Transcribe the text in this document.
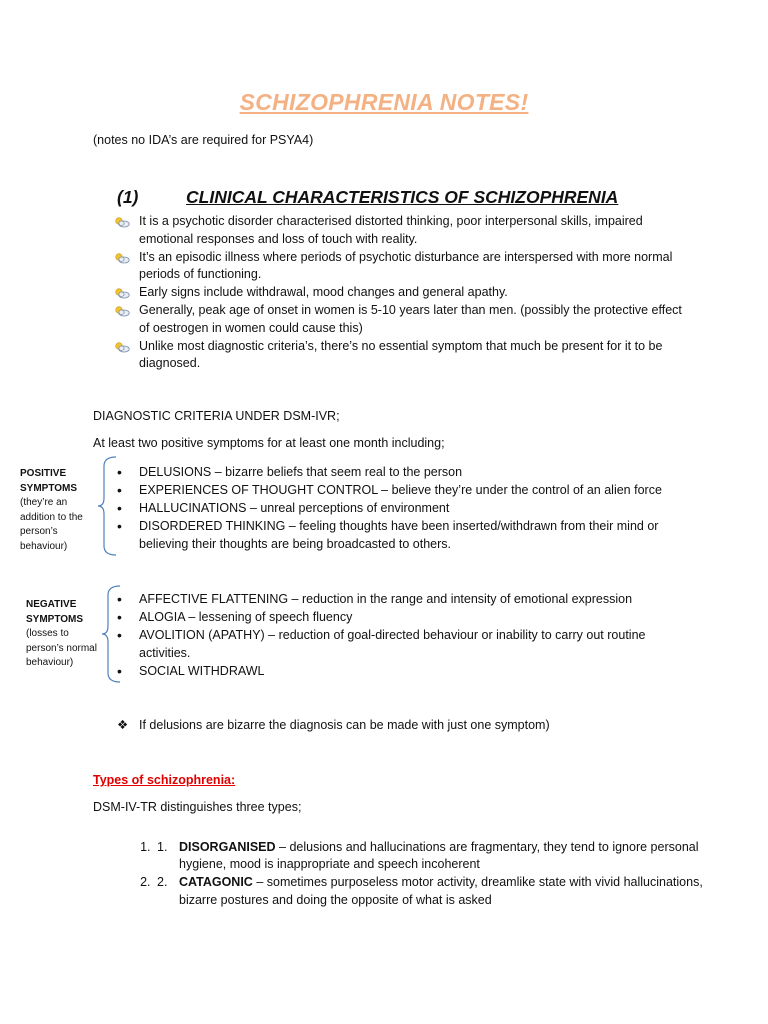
SCHIZOPHRENIA NOTES!
(notes no IDA’s are required for PSYA4)
(1)	CLINICAL CHARACTERISTICS OF SCHIZOPHRENIA
It is a psychotic disorder characterised distorted thinking, poor interpersonal skills, impaired emotional responses and loss of touch with reality.
It’s an episodic illness where periods of psychotic disturbance are interspersed with more normal periods of functioning.
Early signs include withdrawal, mood changes and general apathy.
Generally, peak age of onset in women is 5-10 years later than men. (possibly the protective effect of oestrogen in women could cause this)
Unlike most diagnostic criteria’s, there’s no essential symptom that much be present for it to be diagnosed.
DIAGNOSTIC CRITERIA UNDER DSM-IVR;
At least two positive symptoms for at least one month including;
POSITIVE SYMPTOMS
(they’re an addition to the person’s behaviour)
• DELUSIONS – bizarre beliefs that seem real to the person
• EXPERIENCES OF THOUGHT CONTROL – believe they’re under the control of an alien force
• HALLUCINATIONS – unreal perceptions of environment
• DISORDERED THINKING – feeling thoughts have been inserted/withdrawn from their mind or believing their thoughts are being broadcasted to others.
NEGATIVE SYMPTOMS
(losses to person’s normal behaviour)
• AFFECTIVE FLATTENING – reduction in the range and intensity of emotional expression
• ALOGIA – lessening of speech fluency
• AVOLITION (APATHY) – reduction of goal-directed behaviour or inability to carry out routine activities.
• SOCIAL WITHDRAWL
❖ If delusions are bizarre the diagnosis can be made with just one symptom)
Types of schizophrenia:
DSM-IV-TR distinguishes three types;
1. 1. DISORGANISED – delusions and hallucinations are fragmentary, they tend to ignore personal hygiene, mood is inappropriate and speech incoherent
2. 2. CATAGONIC – sometimes purposeless motor activity, dreamlike state with vivid hallucinations, bizarre postures and doing the opposite of what is asked
